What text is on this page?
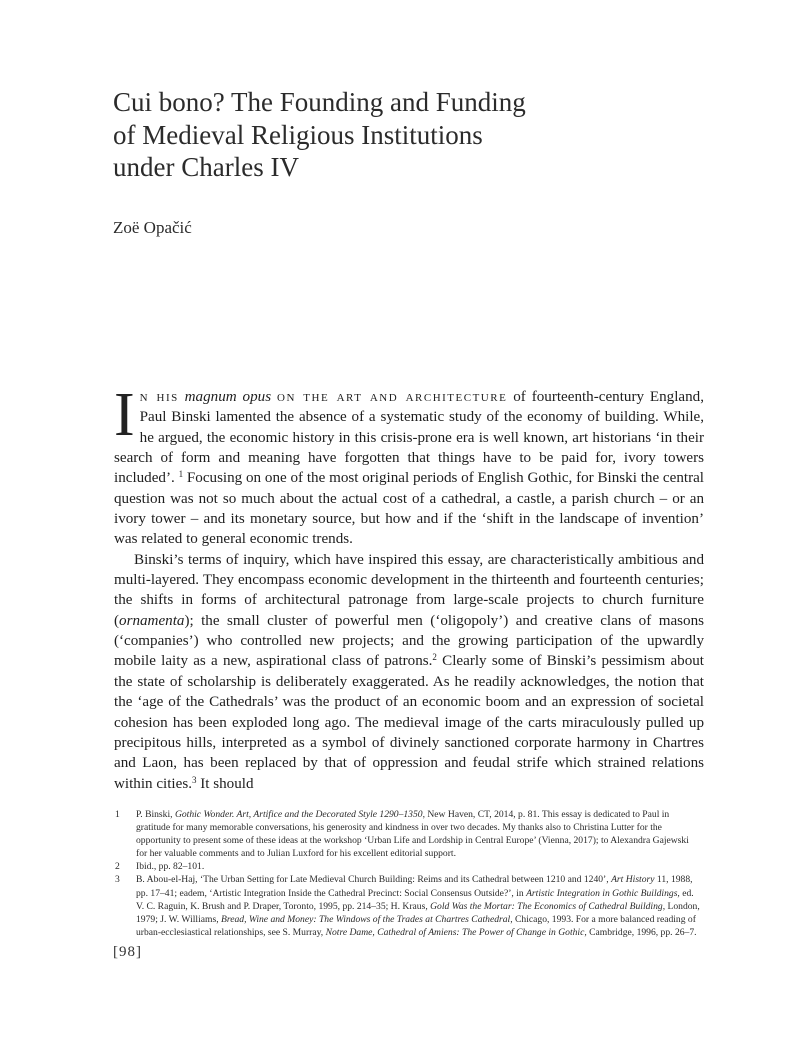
Cui bono? The Founding and Funding
of Medieval Religious Institutions
under Charles IV
Zoë Opačić

In his magnum opus on the art and architecture of fourteenth-century England, Paul Binski lamented the absence of a systematic study of the economy of building. While, he argued, the economic history in this crisis-prone era is well known, art historians ‘in their search of form and meaning have forgotten that things have to be paid for, ivory towers included’. $^1$ Focusing on one of the most original periods of English Gothic, for Binski the central question was not so much about the actual cost of a cathedral, a castle, a parish church – or an ivory tower – and its monetary source, but how and if the ‘shift in the landscape of invention’ was related to general economic trends.

Binski’s terms of inquiry, which have inspired this essay, are characteristically ambitious and multi-layered. They encompass economic development in the thirteenth and fourteenth centuries; the shifts in forms of architectural patronage from large-scale projects to church furniture (ornamenta); the small cluster of powerful men (‘oligopoly’) and creative clans of masons (‘companies’) who controlled new projects; and the growing participation of the upwardly mobile laity as a new, aspirational class of patrons.$^2$ Clearly some of Binski’s pessimism about the state of scholarship is deliberately exaggerated. As he readily acknowledges, the notion that the ‘age of the Cathedrals’ was the product of an economic boom and an expression of societal cohesion has been exploded long ago. The medieval image of the carts miraculously pulled up precipitous hills, interpreted as a symbol of divinely sanctioned corporate harmony in Chartres and Laon, has been replaced by that of oppression and feudal strife which strained relations within cities.$^3$ It should

1	P. Binski, Gothic Wonder. Art, Artifice and the Decorated Style 1290–1350, New Haven, CT, 2014, p. 81. This essay is dedicated to Paul in gratitude for many memorable conversations, his generosity and kindness in over two decades. My thanks also to Christina Lutter for the opportunity to present some of these ideas at the workshop ‘Urban Life and Lordship in Central Europe’ (Vienna, 2017); to Alexandra Gajewski for her valuable comments and to Julian Luxford for his excellent editorial support.
2	Ibid., pp. 82–101.
3	B. Abou-el-Haj, ‘The Urban Setting for Late Medieval Church Building: Reims and its Cathedral between 1210 and 1240’, Art History 11, 1988, pp. 17–41; eadem, ‘Artistic Integration Inside the Cathedral Precinct: Social Consensus Outside?’, in Artistic Integration in Gothic Buildings, ed. V. C. Raguin, K. Brush and P. Draper, Toronto, 1995, pp. 214–35; H. Kraus, Gold Was the Mortar: The Economics of Cathedral Building, London, 1979; J. W. Williams, Bread, Wine and Money: The Windows of the Trades at Chartres Cathedral, Chicago, 1993. For a more balanced reading of urban-ecclesiastical relationships, see S. Murray, Notre Dame, Cathedral of Amiens: The Power of Change in Gothic, Cambridge, 1996, pp. 26–7.
[98]
